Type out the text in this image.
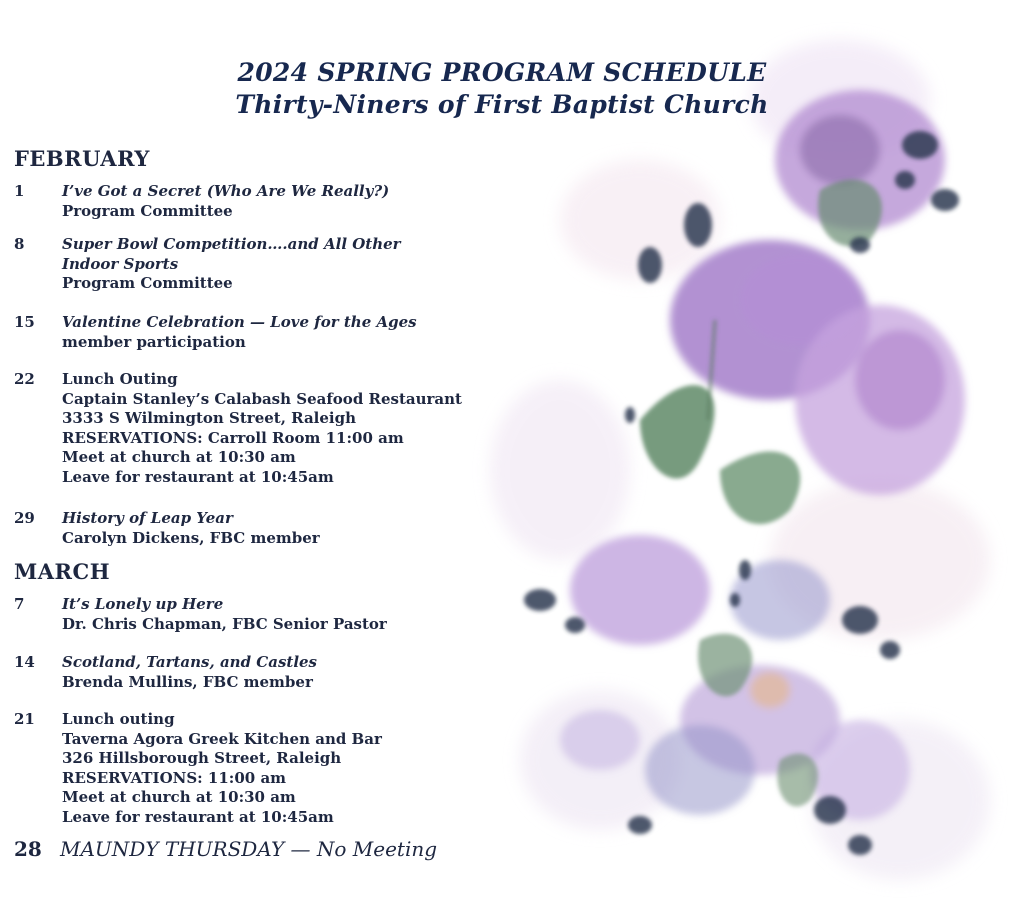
2024 SPRING PROGRAM SCHEDULE
Thirty-Niners of First Baptist Church
FEBRUARY
1	I’ve Got a Secret (Who Are We Really?)
Program Committee
8	Super Bowl Competition….and All Other
Indoor Sports
Program Committee
15 Valentine Celebration — Love for the Ages
member participation
22 Lunch Outing
Captain Stanley’s Calabash Seafood Restaurant
3333 S Wilmington Street, Raleigh
RESERVATIONS: Carroll Room 11:00 am
Meet at church at 10:30 am
Leave for restaurant at 10:45am
29 History of Leap Year
Carolyn Dickens, FBC member
MARCH
7	It’s Lonely up Here
Dr. Chris Chapman, FBC Senior Pastor
14 Scotland, Tartans, and Castles
Brenda Mullins, FBC member
21 Lunch outing
Taverna Agora Greek Kitchen and Bar
326 Hillsborough Street, Raleigh
RESERVATIONS: 11:00 am
Meet at church at 10:30 am
Leave for restaurant at 10:45am
28 MAUNDY THURSDAY — No Meeting
